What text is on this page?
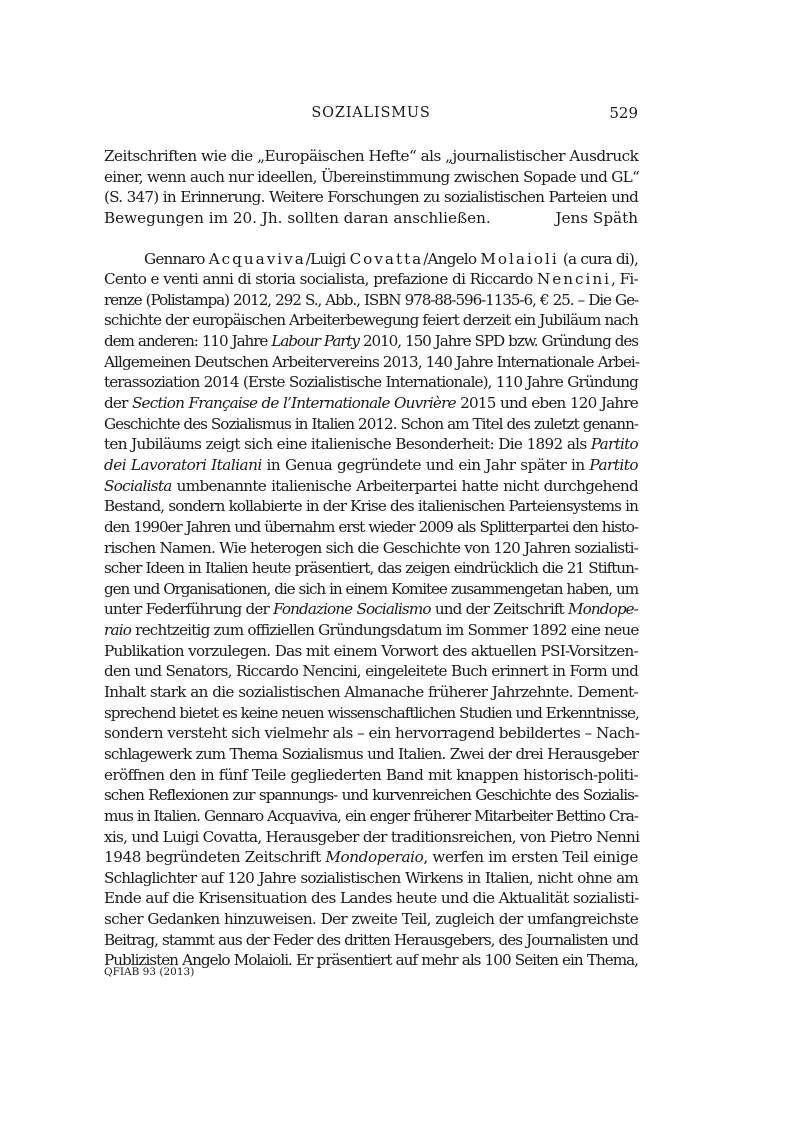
SOZIALISMUS	529
Zeitschriften wie die „Europäischen Hefte“ als „journalistischer Ausdruck
einer, wenn auch nur ideellen, Übereinstimmung zwischen Sopade und GL“
(S. 347) in Erinnerung. Weitere Forschungen zu sozialistischen Parteien und
Bewegungen im 20. Jh. sollten daran anschließen.	Jens Späth
Gennaro Acquaviva/Luigi Covatta/Angelo Molaioli (a cura di),
Cento e venti anni di storia socialista, prefazione di Riccardo Nencini, Fi-
renze (Polistampa) 2012, 292 S., Abb., ISBN 978-88-596-1135-6, € 25. – Die Ge-
schichte der europäischen Arbeiterbewegung feiert derzeit ein Jubiläum nach
dem anderen: 110 Jahre Labour Party 2010, 150 Jahre SPD bzw. Gründung des
Allgemeinen Deutschen Arbeitervereins 2013, 140 Jahre Internationale Arbei-
terassoziation 2014 (Erste Sozialistische Internationale), 110 Jahre Gründung
der Section Française de l’Internationale Ouvrière 2015 und eben 120 Jahre
Geschichte des Sozialismus in Italien 2012. Schon am Titel des zuletzt genann-
ten Jubiläums zeigt sich eine italienische Besonderheit: Die 1892 als Partito
dei Lavoratori Italiani in Genua gegründete und ein Jahr später in Partito
Socialista umbenannte italienische Arbeiterpartei hatte nicht durchgehend
Bestand, sondern kollabierte in der Krise des italienischen Parteiensystems in
den 1990er Jahren und übernahm erst wieder 2009 als Splitterpartei den histo-
rischen Namen. Wie heterogen sich die Geschichte von 120 Jahren sozialisti-
scher Ideen in Italien heute präsentiert, das zeigen eindrücklich die 21 Stiftun-
gen und Organisationen, die sich in einem Komitee zusammengetan haben, um
unter Federführung der Fondazione Socialismo und der Zeitschrift Mondope-
raio rechtzeitig zum offiziellen Gründungsdatum im Sommer 1892 eine neue
Publikation vorzulegen. Das mit einem Vorwort des aktuellen PSI-Vorsitzen-
den und Senators, Riccardo Nencini, eingeleitete Buch erinnert in Form und
Inhalt stark an die sozialistischen Almanache früherer Jahrzehnte. Dement-
sprechend bietet es keine neuen wissenschaftlichen Studien und Erkenntnisse,
sondern versteht sich vielmehr als – ein hervorragend bebildertes – Nach-
schlagewerk zum Thema Sozialismus und Italien. Zwei der drei Herausgeber
eröffnen den in fünf Teile gegliederten Band mit knappen historisch-politi-
schen Reflexionen zur spannungs- und kurvenreichen Geschichte des Sozialis-
mus in Italien. Gennaro Acquaviva, ein enger früherer Mitarbeiter Bettino Cra-
xis, und Luigi Covatta, Herausgeber der traditionsreichen, von Pietro Nenni
1948 begründeten Zeitschrift Mondoperaio, werfen im ersten Teil einige
Schlaglichter auf 120 Jahre sozialistischen Wirkens in Italien, nicht ohne am
Ende auf die Krisensituation des Landes heute und die Aktualität sozialisti-
scher Gedanken hinzuweisen. Der zweite Teil, zugleich der umfangreichste
Beitrag, stammt aus der Feder des dritten Herausgebers, des Journalisten und
Publizisten Angelo Molaioli. Er präsentiert auf mehr als 100 Seiten ein Thema,
QFIAB 93 (2013)
